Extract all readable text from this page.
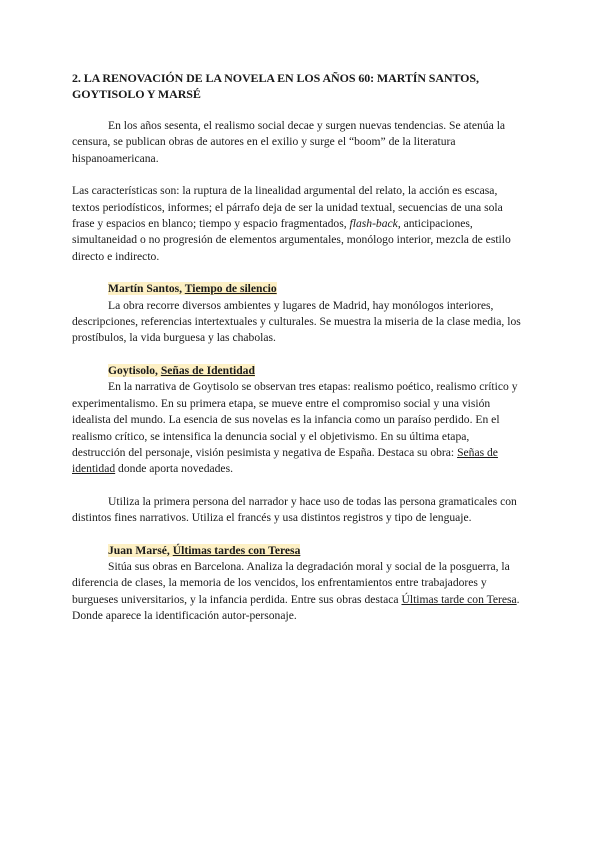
2. LA RENOVACIÓN DE LA NOVELA EN LOS AÑOS 60: MARTÍN SANTOS, GOYTISOLO Y MARSÉ

En los años sesenta, el realismo social decae y surgen nuevas tendencias. Se atenúa la censura, se publican obras de autores en el exilio y surge el “boom” de la literatura hispanoamericana.

Las características son: la ruptura de la linealidad argumental del relato, la acción es escasa, textos periodísticos, informes; el párrafo deja de ser la unidad textual, secuencias de una sola frase y espacios en blanco; tiempo y espacio fragmentados, flash-back, anticipaciones, simultaneidad o no progresión de elementos argumentales, monólogo interior, mezcla de estilo directo e indirecto.

Martín Santos, Tiempo de silencio

La obra recorre diversos ambientes y lugares de Madrid, hay monólogos interiores, descripciones, referencias intertextuales y culturales. Se muestra la miseria de la clase media, los prostíbulos, la vida burguesa y las chabolas.

Goytisolo, Señas de Identidad

En la narrativa de Goytisolo se observan tres etapas: realismo poético, realismo crítico y experimentalismo. En su primera etapa, se mueve entre el compromiso social y una visión idealista del mundo. La esencia de sus novelas es la infancia como un paraíso perdido. En el realismo crítico, se intensifica la denuncia social y el objetivismo. En su última etapa, destrucción del personaje, visión pesimista y negativa de España. Destaca su obra: Señas de identidad donde aporta novedades.

Utiliza la primera persona del narrador y hace uso de todas las persona gramaticales con distintos fines narrativos. Utiliza el francés y usa distintos registros y tipo de lenguaje.

Juan Marsé, Últimas tardes con Teresa

Sitúa sus obras en Barcelona. Analiza la degradación moral y social de la posguerra, la diferencia de clases, la memoria de los vencidos, los enfrentamientos entre trabajadores y burgueses universitarios, y la infancia perdida. Entre sus obras destaca Últimas tarde con Teresa. Donde aparece la identificación autor-personaje.
